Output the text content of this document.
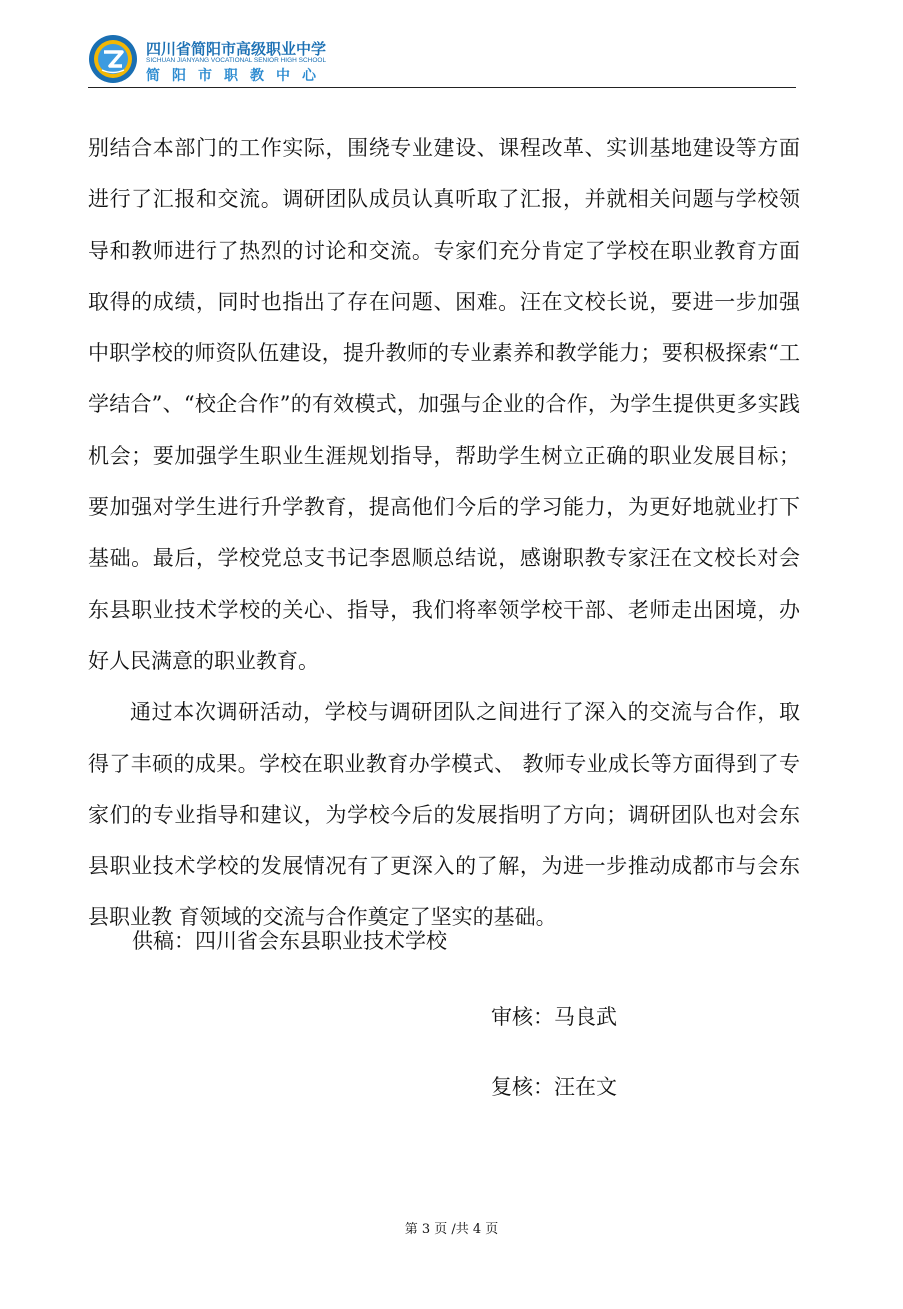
四川省简阳市高级职业中学
SICHUAN JIANYANG VOCATIONAL SENIOR HIGH SCHOOL
简阳市职教中心

别结合本部门的工作实际，围绕专业建设、课程改革、实训基地建设等方面进行了汇报和交流。调研团队成员认真听取了汇报，并就相关问题与学校领导和教师进行了热烈的讨论和交流。专家们充分肯定了学校在职业教育方面取得的成绩，同时也指出了存在问题、困难。汪在文校长说，要进一步加强中职学校的师资队伍建设，提升教师的专业素养和教学能力；要积极探索“工学结合”、“校企合作”的有效模式，加强与企业的合作，为学生提供更多实践机会；要加强学生职业生涯规划指导，帮助学生树立正确的职业发展目标；要加强对学生进行升学教育，提高他们今后的学习能力，为更好地就业打下基础。最后，学校党总支书记李恩顺总结说，感谢职教专家汪在文校长对会东县职业技术学校的关心、指导，我们将率领学校干部、老师走出困境，办好人民满意的职业教育。

通过本次调研活动，学校与调研团队之间进行了深入的交流与合作，取得了丰硕的成果。学校在职业教育办学模式、 教师专业成长等方面得到了专家们的专业指导和建议，为学校今后的发展指明了方向；调研团队也对会东县职业技术学校的发展情况有了更深入的了解，为进一步推动成都市与会东县职业教 育领域的交流与合作奠定了坚实的基础。

供稿：四川省会东县职业技术学校
审核：马良武
复核：汪在文
第 3 页 /共 4 页
